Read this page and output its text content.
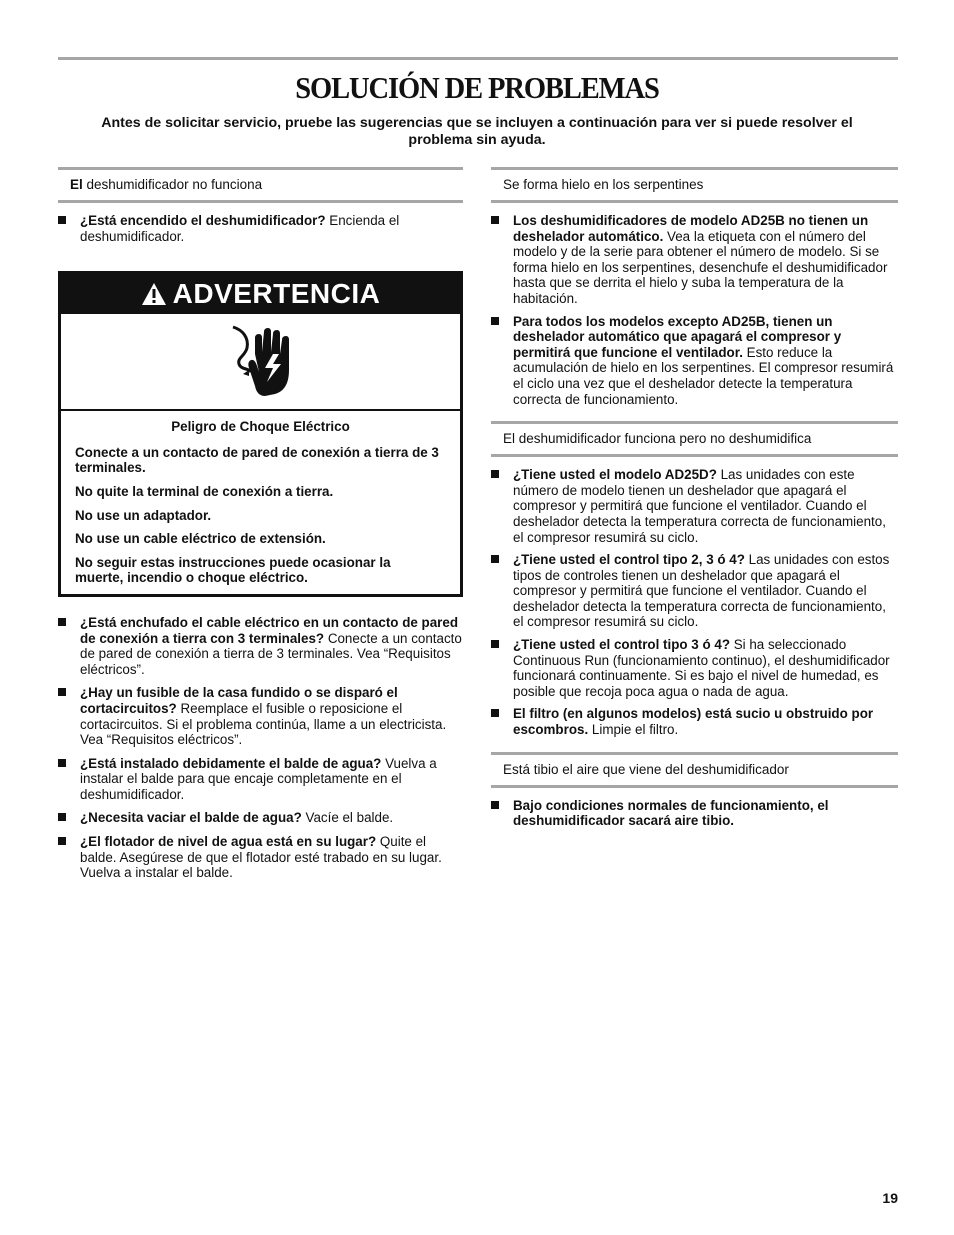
SOLUCIÓN DE PROBLEMAS

Antes de solicitar servicio, pruebe las sugerencias que se incluyen a continuación para ver si puede resolver el problema sin ayuda.

El deshumidificador no funciona
¿Está encendido el deshumidificador? Encienda el deshumidificador.
ADVERTENCIA

Peligro de Choque Eléctrico

Conecte a un contacto de pared de conexión a tierra de 3 terminales.

No quite la terminal de conexión a tierra.

No use un adaptador.

No use un cable eléctrico de extensión.

No seguir estas instrucciones puede ocasionar la muerte, incendio o choque eléctrico.

¿Está enchufado el cable eléctrico en un contacto de pared de conexión a tierra con 3 terminales? Conecte a un contacto de pared de conexión a tierra de 3 terminales. Vea “Requisitos eléctricos”.
¿Hay un fusible de la casa fundido o se disparó el cortacircuitos? Reemplace el fusible o reposicione el cortacircuitos. Si el problema continúa, llame a un electricista. Vea “Requisitos eléctricos”.
¿Está instalado debidamente el balde de agua? Vuelva a instalar el balde para que encaje completamente en el deshumidificador.
¿Necesita vaciar el balde de agua? Vacíe el balde.
¿El flotador de nivel de agua está en su lugar? Quite el balde. Asegúrese de que el flotador esté trabado en su lugar. Vuelva a instalar el balde.
Se forma hielo en los serpentines
Los deshumidificadores de modelo AD25B no tienen un deshelador automático. Vea la etiqueta con el número del modelo y de la serie para obtener el número de modelo. Si se forma hielo en los serpentines, desenchufe el deshumidificador hasta que se derrita el hielo y suba la temperatura de la habitación.
Para todos los modelos excepto AD25B, tienen un deshelador automático que apagará el compresor y permitirá que funcione el ventilador. Esto reduce la acumulación de hielo en los serpentines. El compresor resumirá el ciclo una vez que el deshelador detecte la temperatura correcta de funcionamiento.
El deshumidificador funciona pero no deshumidifica
¿Tiene usted el modelo AD25D? Las unidades con este número de modelo tienen un deshelador que apagará el compresor y permitirá que funcione el ventilador. Cuando el deshelador detecta la temperatura correcta de funcionamiento, el compresor resumirá su ciclo.
¿Tiene usted el control tipo 2, 3 ó 4? Las unidades con estos tipos de controles tienen un deshelador que apagará el compresor y permitirá que funcione el ventilador. Cuando el deshelador detecta la temperatura correcta de funcionamiento, el compresor resumirá su ciclo.
¿Tiene usted el control tipo 3 ó 4? Si ha seleccionado Continuous Run (funcionamiento continuo), el deshumidificador funcionará continuamente. Si es bajo el nivel de humedad, es posible que recoja poca agua o nada de agua.
El filtro (en algunos modelos) está sucio u obstruido por escombros. Limpie el filtro.
Está tibio el aire que viene del deshumidificador
Bajo condiciones normales de funcionamiento, el deshumidificador sacará aire tibio.
19
